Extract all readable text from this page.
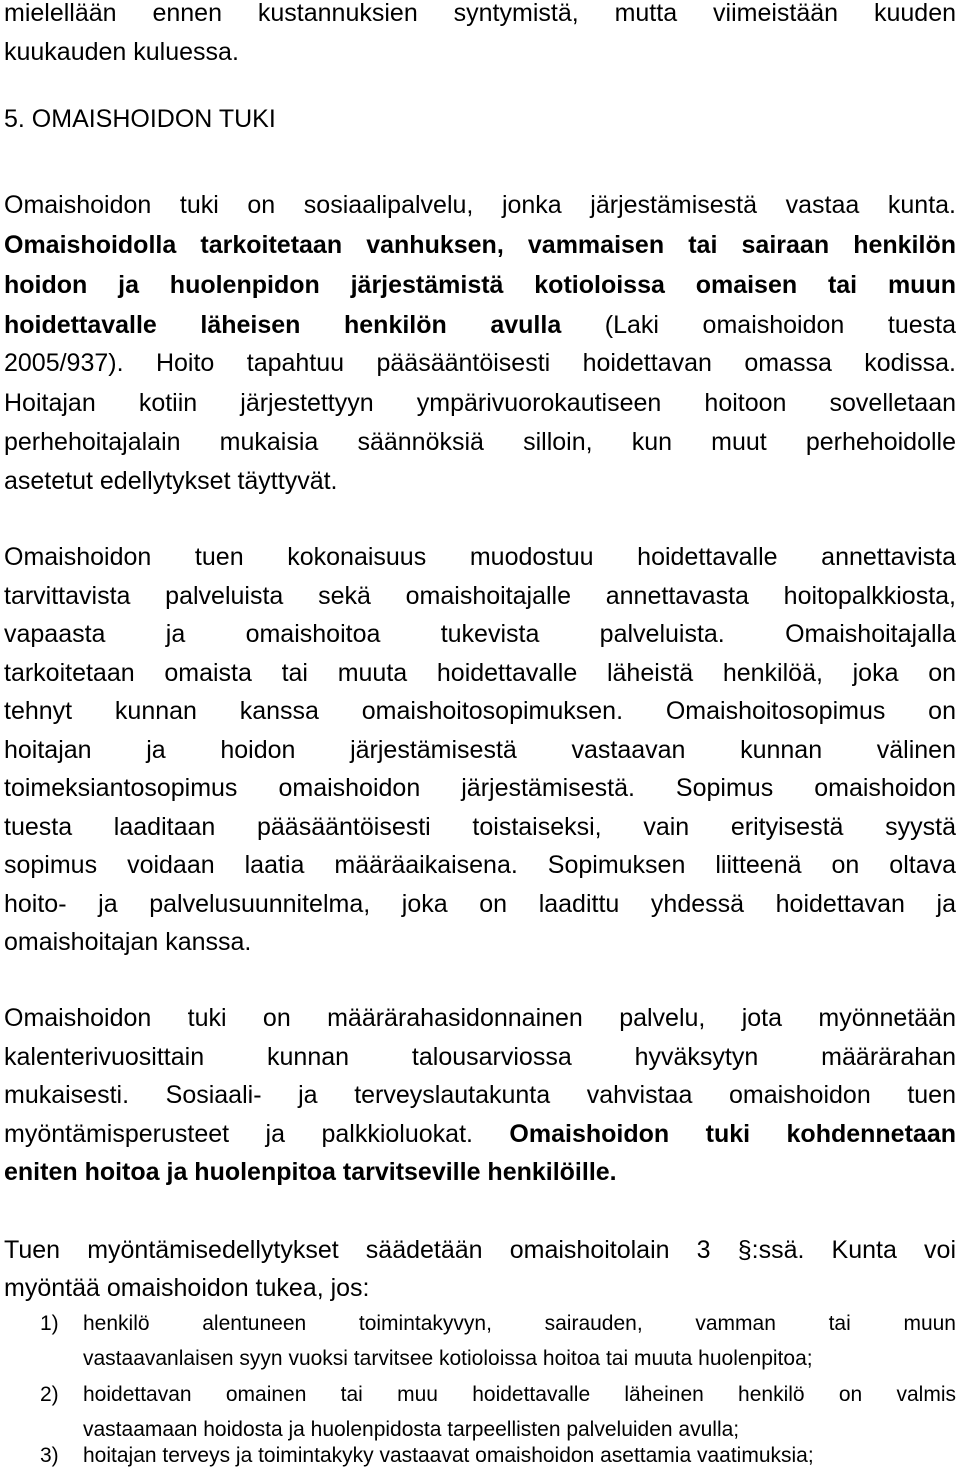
mielellään ennen kustannuksien syntymistä, mutta viimeistään kuuden
kuukauden kuluessa.
5. OMAISHOIDON TUKI
Omaishoidon tuki on sosiaalipalvelu, jonka järjestämisestä vastaa kunta.
Omaishoidolla tarkoitetaan vanhuksen, vammaisen tai sairaan henkilön
hoidon ja huolenpidon järjestämistä kotioloissa omaisen tai muun
hoidettavalle läheisen henkilön avulla (Laki omaishoidon tuesta
2005/937). Hoito tapahtuu pääsääntöisesti hoidettavan omassa kodissa.
Hoitajan kotiin järjestettyyn ympärivuorokautiseen hoitoon sovelletaan
perhehoitajalain mukaisia säännöksiä silloin, kun muut perhehoidolle
asetetut edellytykset täyttyvät.
Omaishoidon tuen kokonaisuus muodostuu hoidettavalle annettavista
tarvittavista palveluista sekä omaishoitajalle annettavasta hoitopalkkiosta,
vapaasta ja omaishoitoa tukevista palveluista. Omaishoitajalla
tarkoitetaan omaista tai muuta hoidettavalle läheistä henkilöä, joka on
tehnyt kunnan kanssa omaishoitosopimuksen. Omaishoitosopimus on
hoitajan ja hoidon järjestämisestä vastaavan kunnan välinen
toimeksiantosopimus omaishoidon järjestämisestä. Sopimus omaishoidon
tuesta laaditaan pääsääntöisesti toistaiseksi, vain erityisestä syystä
sopimus voidaan laatia määräaikaisena. Sopimuksen liitteenä on oltava
hoito- ja palvelusuunnitelma, joka on laadittu yhdessä hoidettavan ja
omaishoitajan kanssa.
Omaishoidon tuki on määrärahasidonnainen palvelu, jota myönnetään
kalenterivuosittain kunnan talousarviossa hyväksytyn määrärahan
mukaisesti. Sosiaali- ja terveyslautakunta vahvistaa omaishoidon tuen
myöntämisperusteet ja palkkioluokat. Omaishoidon tuki kohdennetaan
eniten hoitoa ja huolenpitoa tarvitseville henkilöille.
Tuen myöntämisedellytykset säädetään omaishoitolain 3 §:ssä. Kunta voi
myöntää omaishoidon tukea, jos:
1) henkilö alentuneen toimintakyvyn, sairauden, vamman tai muun
vastaavanlaisen syyn vuoksi tarvitsee kotioloissa hoitoa tai muuta huolenpitoa;
2) hoidettavan omainen tai muu hoidettavalle läheinen henkilö on valmis
vastaamaan hoidosta ja huolenpidosta tarpeellisten palveluiden avulla;
3) hoitajan terveys ja toimintakyky vastaavat omaishoidon asettamia vaatimuksia;
